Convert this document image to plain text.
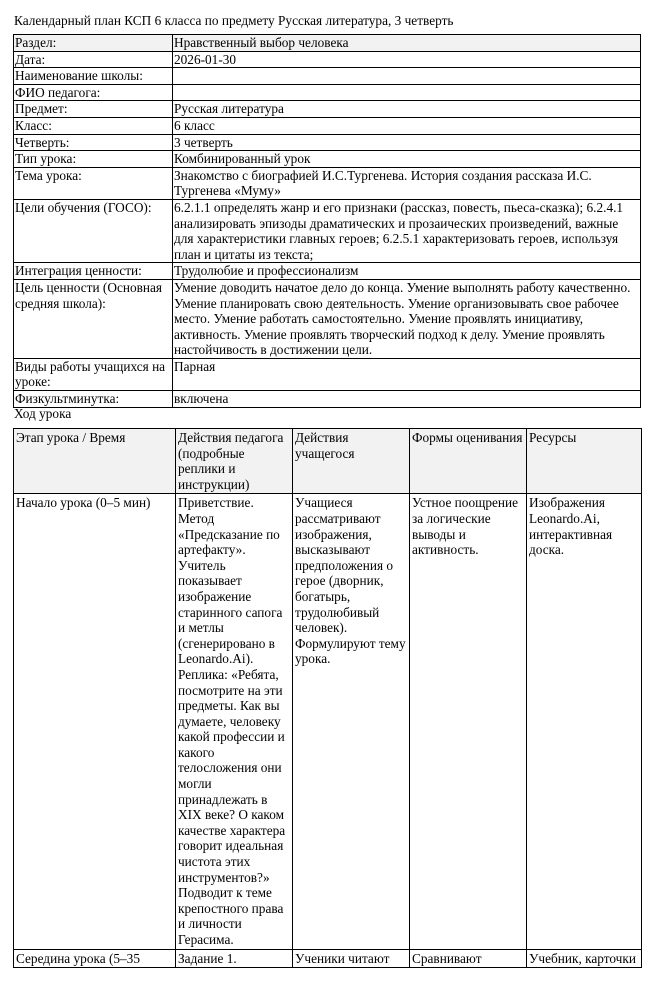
Календарный план КСП 6 класса по предмету Русская литература, 3 четверть
Раздел:	Нравственный выбор человека
Дата:	2026-01-30
Наименование школы:	
ФИО педагога:	
Предмет:	Русская литература
Класс:	6 класс
Четверть:	3 четверть
Тип урока:	Комбинированный урок
Тема урока:	Знакомство с биографией И.С.Тургенева. История создания рассказа И.С. Тургенева «Муму»
Цели обучения (ГОСО):	6.2.1.1 определять жанр и его признаки (рассказ, повесть, пьеса-сказка); 6.2.4.1 анализировать эпизоды драматических и прозаических произведений, важные для характеристики главных героев; 6.2.5.1 характеризовать героев, используя план и цитаты из текста;
Интеграция ценности:	Трудолюбие и профессионализм
Цель ценности (Основная средняя школа):	Умение доводить начатое дело до конца. Умение выполнять работу качественно. Умение планировать свою деятельность. Умение организовывать свое рабочее место. Умение работать самостоятельно. Умение проявлять инициативу, активность. Умение проявлять творческий подход к делу. Умение проявлять настойчивость в достижении цели.
Виды работы учащихся на уроке:	Парная
Физкультминутка:	включена
Ход урока
Этап урока / Время	Действия педагога (подробные реплики и инструкции)	Действия учащегося	Формы оценивания	Ресурсы
Начало урока (0–5 мин)	Приветствие. Метод «Предсказание по артефакту». Учитель показывает изображение старинного сапога и метлы (сгенерировано в Leonardo.Ai). Реплика: «Ребята, посмотрите на эти предметы. Как вы думаете, человеку какой профессии и какого телосложения они могли принадлежать в XIX веке? О каком качестве характера говорит идеальная чистота этих инструментов?» Подводит к теме крепостного права и личности Герасима.	Учащиеся рассматривают изображения, высказывают предположения о герое (дворник, богатырь, трудолюбивый человек). Формулируют тему урока.	Устное поощрение за логические выводы и активность.	Изображения Leonardo.Ai, интерактивная доска.
Середина урока (5–35	Задание 1.	Ученики читают	Сравнивают	Учебник, карточки
